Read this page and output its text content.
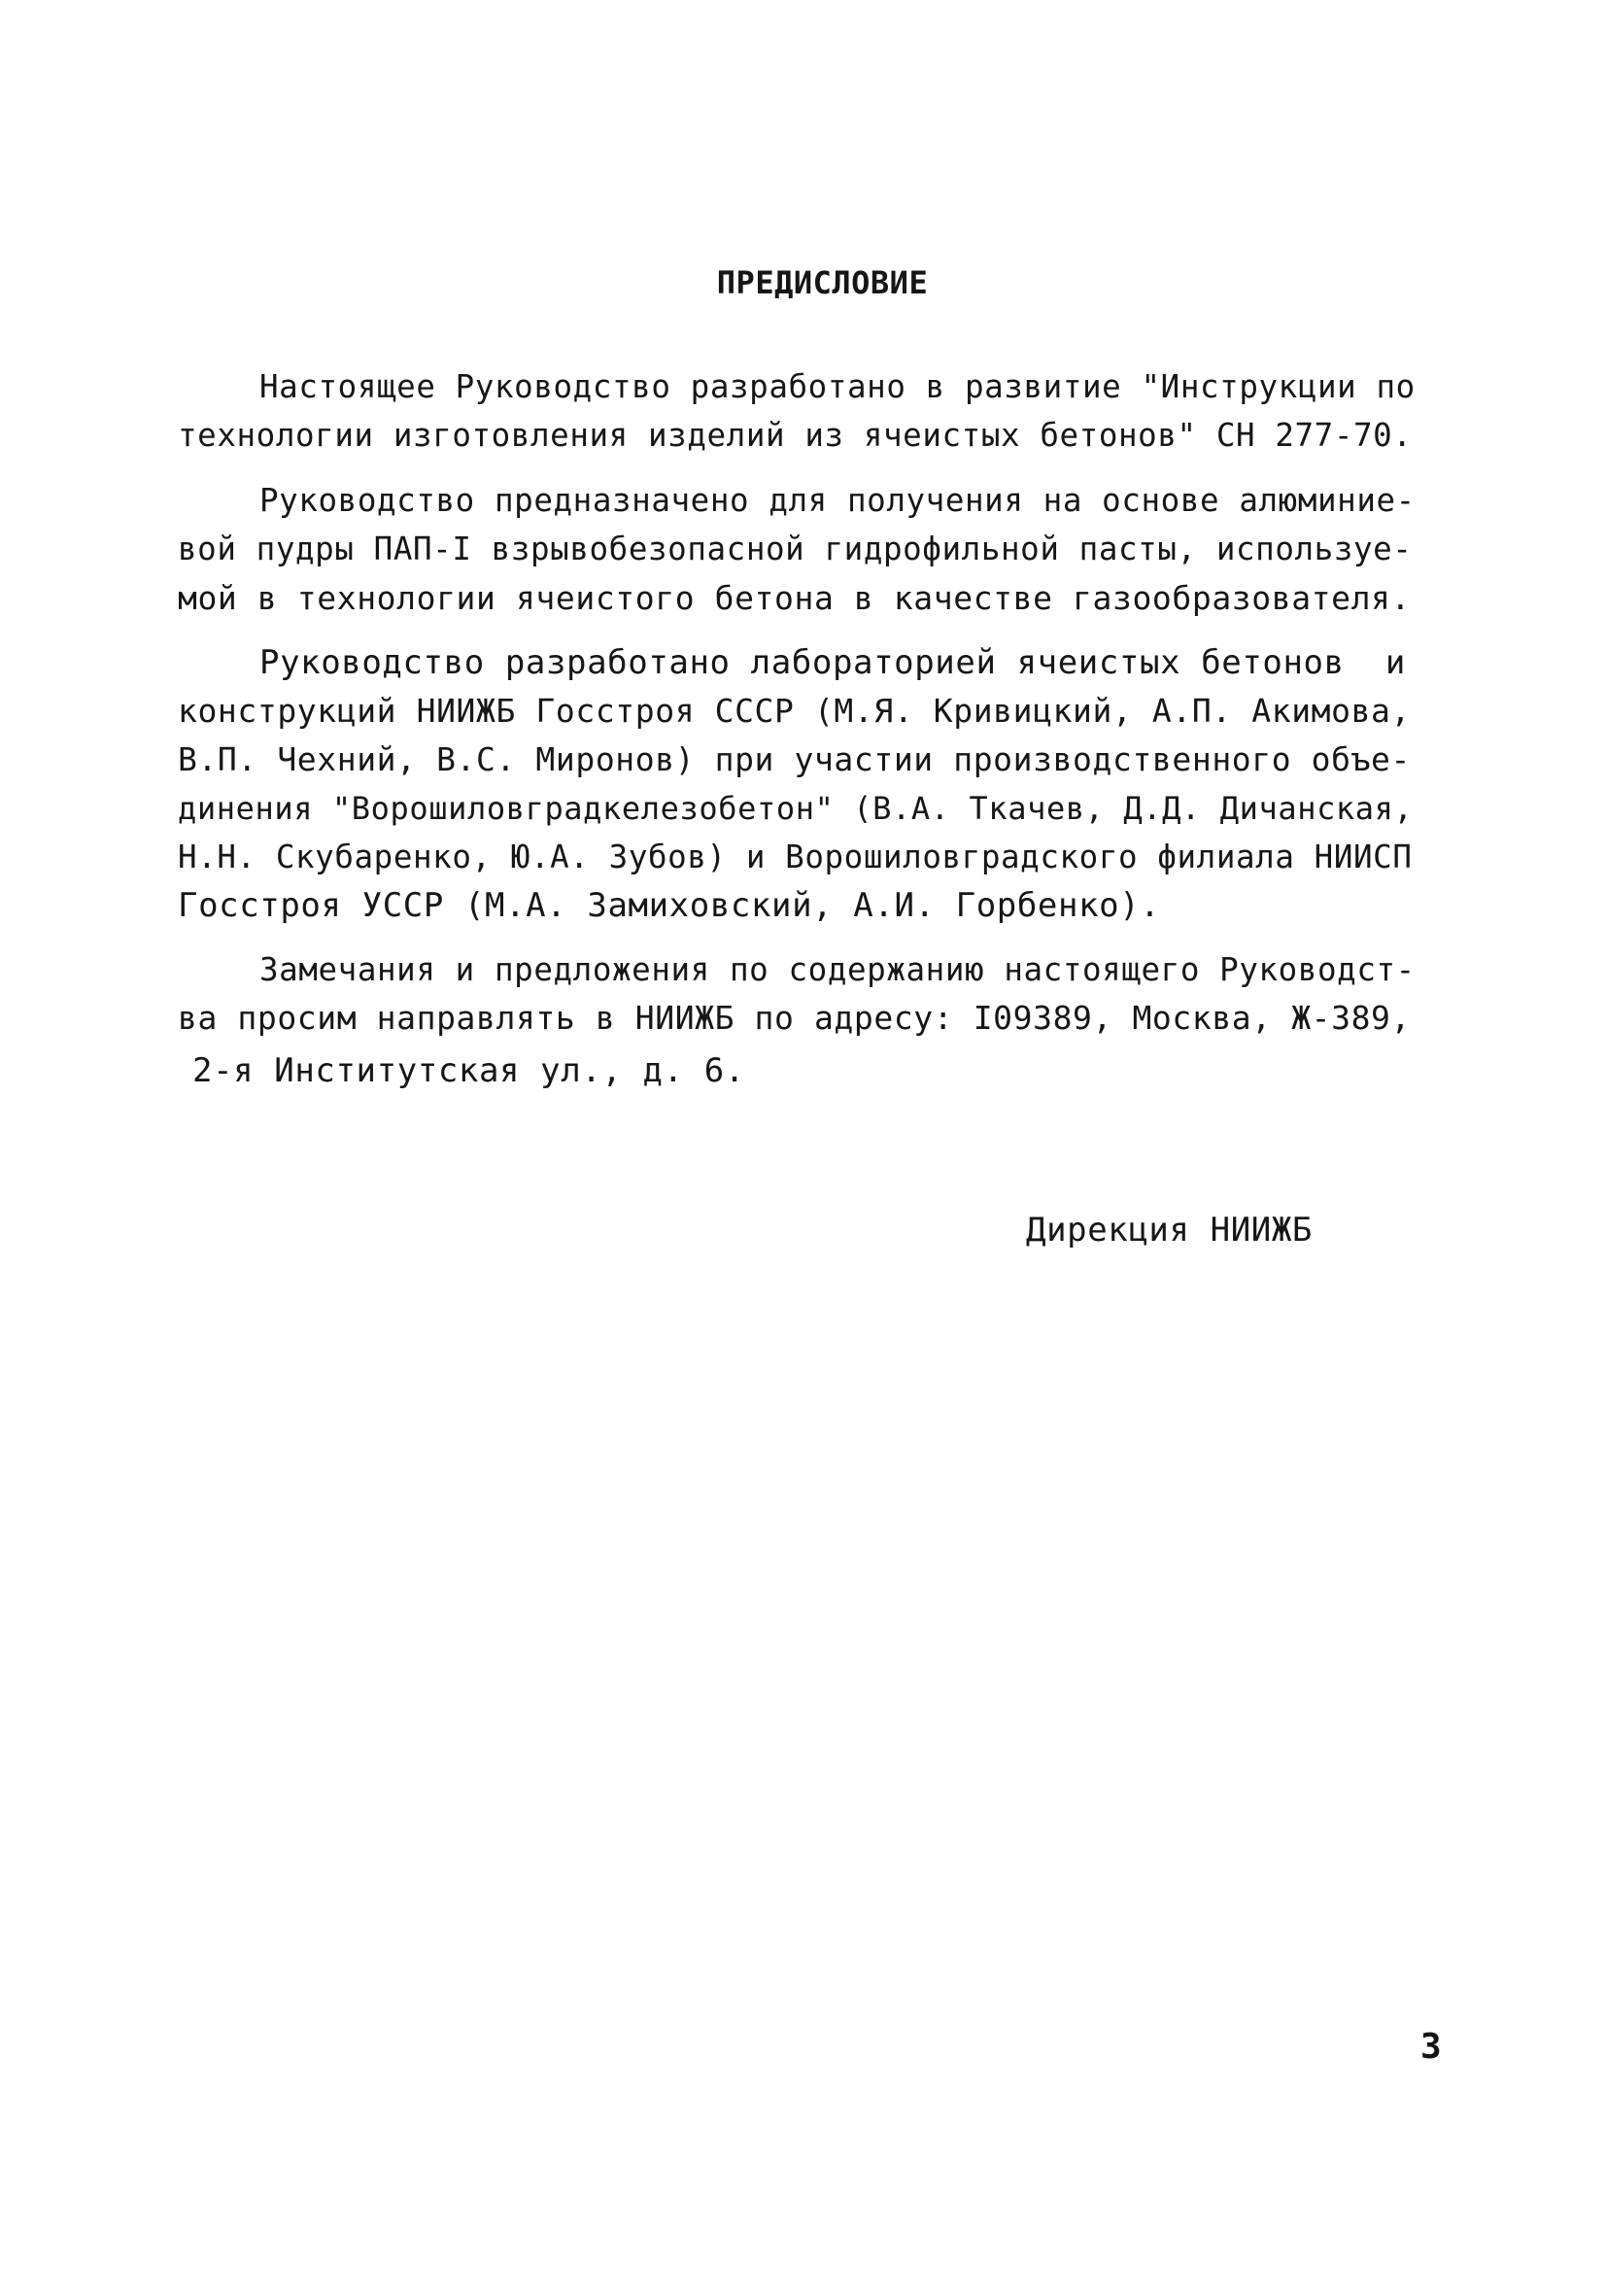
ПРЕДИСЛОВИЕ
Настоящее Руководство разработано в развитие "Инструкции по
технологии изготовления изделий из ячеистых бетонов" СН 277-70.
Руководство предназначено для получения на основе алюминие-
вой пудры ПАП-I взрывобезопасной гидрофильной пасты, используе-
мой в технологии ячеистого бетона в качестве газообразователя.
Руководство разработано лабораторией ячеистых бетонов  и
конструкций НИИЖБ Госстроя СССР (М.Я. Кривицкий, А.П. Акимова,
В.П. Чехний, В.С. Миронов) при участии производственного объе-
динения "Ворошиловградкелезобетон" (В.А. Ткачев, Д.Д. Дичанская,
Н.Н. Скубаренко, Ю.А. Зубов) и Ворошиловградского филиала НИИСП
Госстроя УССР (М.А. Замиховский, А.И. Горбенко).
Замечания и предложения по содержанию настоящего Руководст-
ва просим направлять в НИИЖБ по адресу: I09389, Москва, Ж-389,
2-я Институтская ул., д. 6.
Дирекция НИИЖБ
3
